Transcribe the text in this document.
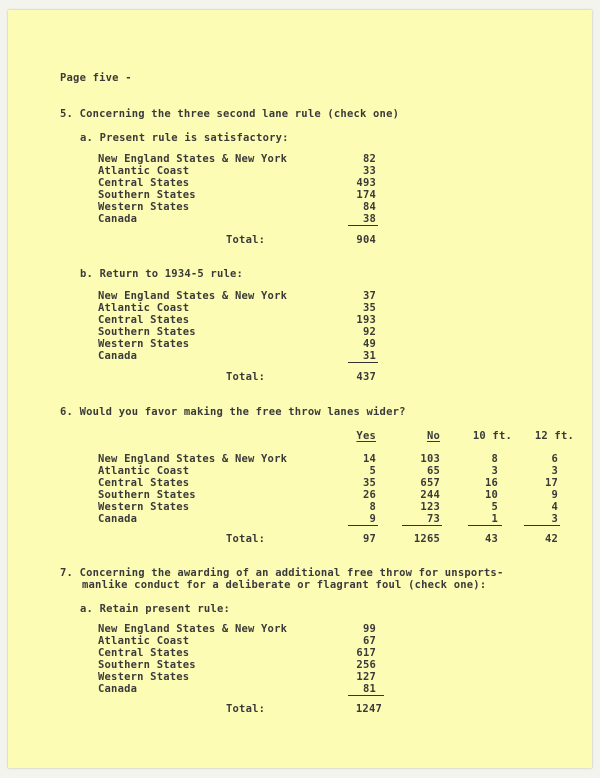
Page five -
5. Concerning the three second lane rule (check one)
a. Present rule is satisfactory:
New England States & New York	82
Atlantic Coast	33
Central States	493
Southern States	174
Western States	84
Canada	38
Total:	904
b. Return to 1934-5 rule:
New England States & New York	37
Atlantic Coast	35
Central States	193
Southern States	92
Western States	49
Canada	31
Total:	437
6. Would you favor making the free throw lanes wider?
Yes	No	10 ft.	12 ft.
New England States & New York	14	103	8	6
Atlantic Coast	5	65	3	3
Central States	35	657	16	17
Southern States	26	244	10	9
Western States	8	123	5	4
Canada	9	73	1	3
Total:	97	1265	43	42
7. Concerning the awarding of an additional free throw for unsports-
manlike conduct for a deliberate or flagrant foul (check one):
a. Retain present rule:
New England States & New York	99
Atlantic Coast	67
Central States	617
Southern States	256
Western States	127
Canada	81
Total:	1247
